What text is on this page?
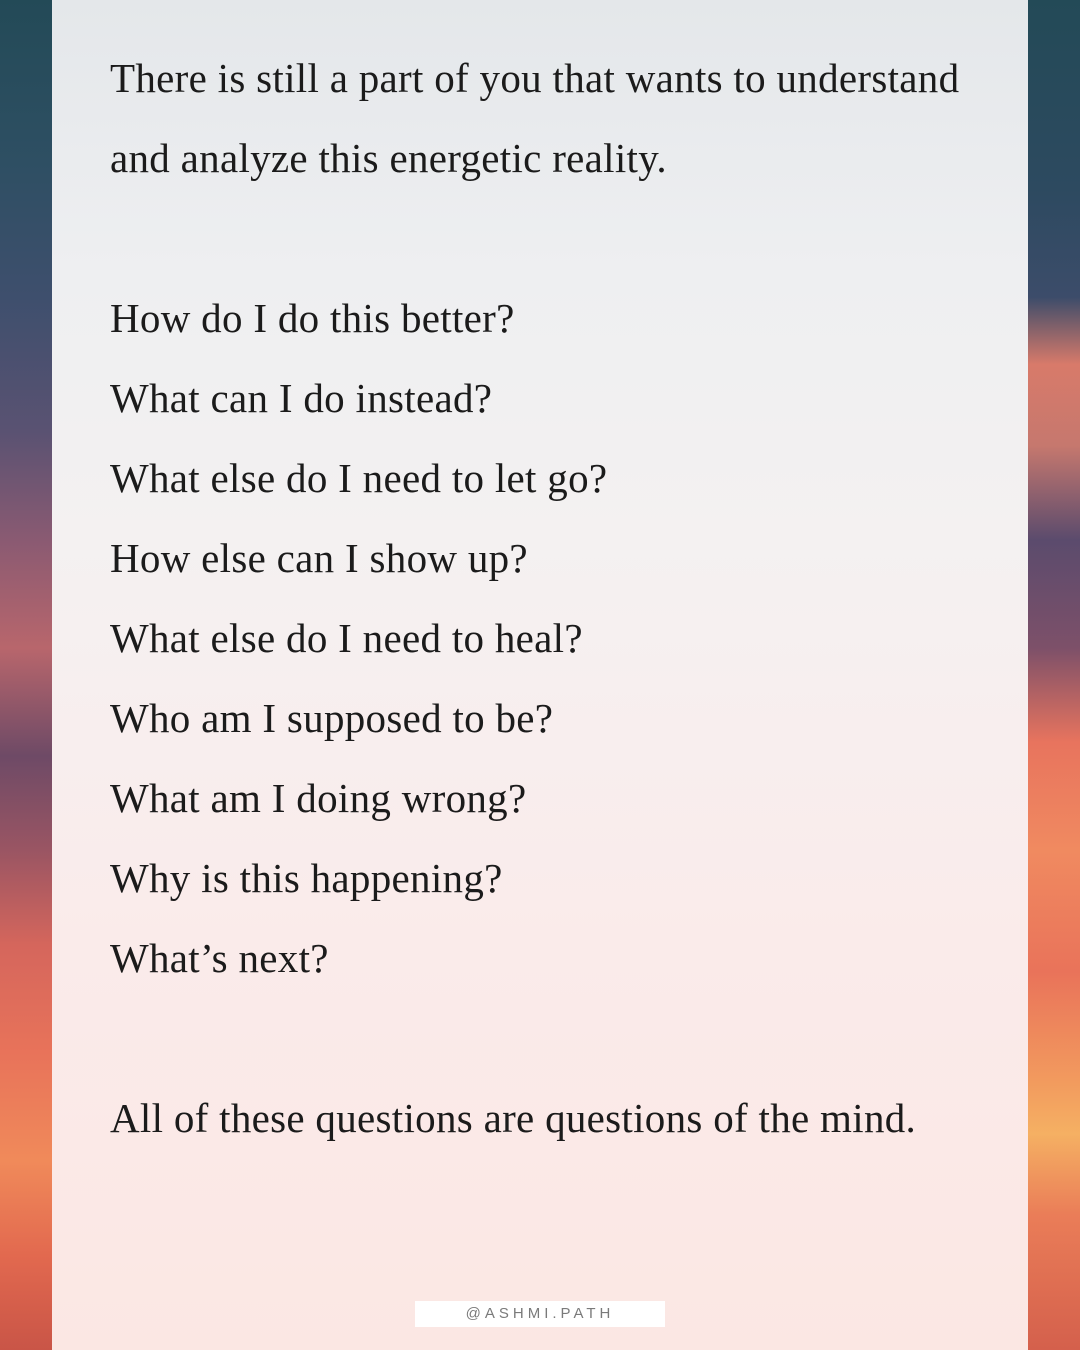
There is still a part of you that wants to understand and analyze this energetic reality.

How do I do this better?
What can I do instead?
What else do I need to let go?
How else can I show up?
What else do I need to heal?
Who am I supposed to be?
What am I doing wrong?
Why is this happening?
What’s next?

All of these questions are questions of the mind.

@ASHMI.PATH
